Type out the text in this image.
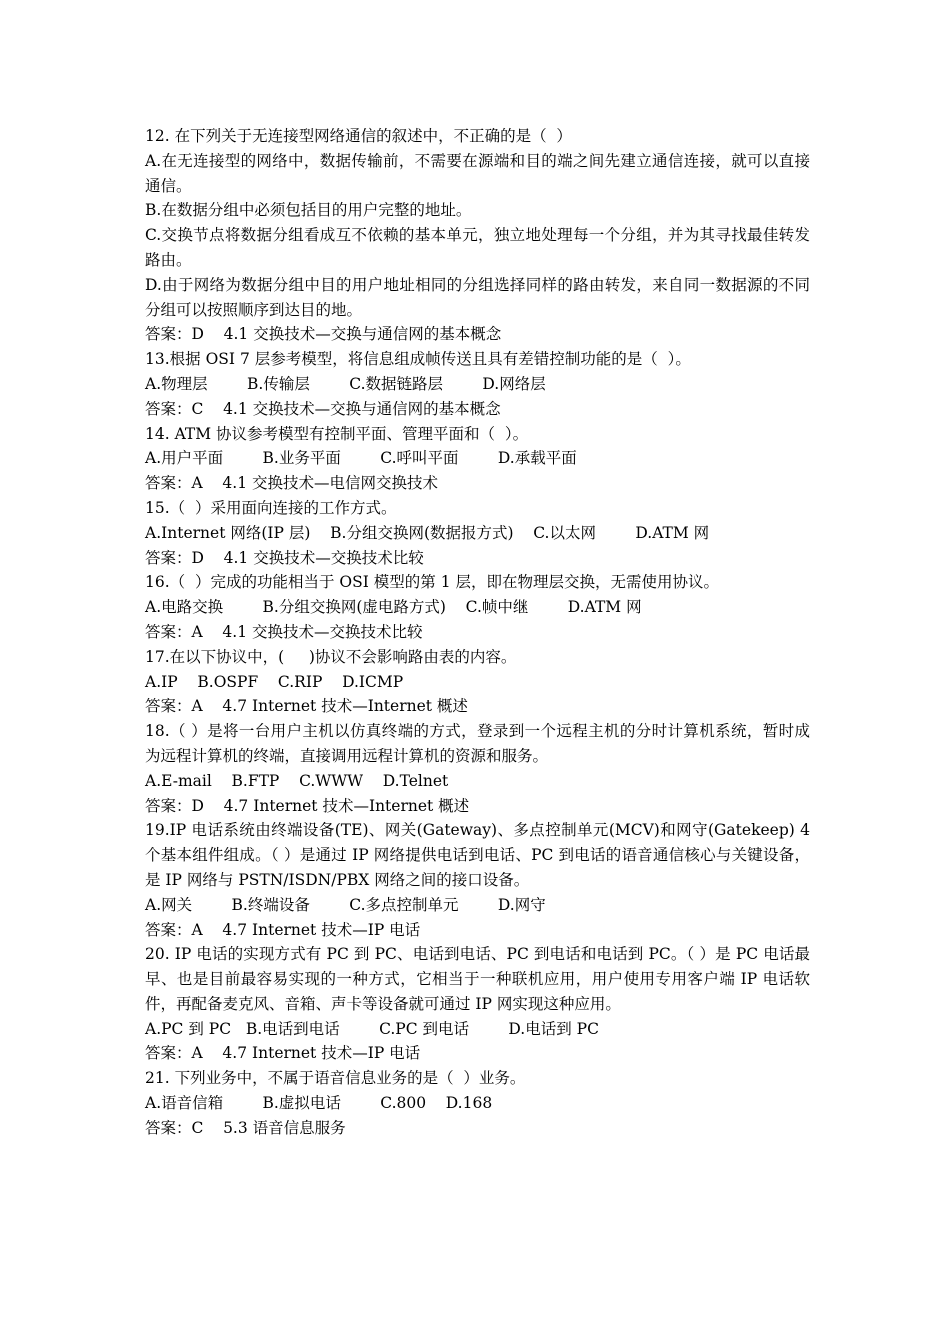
12. 在下列关于无连接型网络通信的叙述中，不正确的是（  ）
A.在无连接型的网络中，数据传输前，不需要在源端和目的端之间先建立通信连接，就可以直接通信。
B.在数据分组中必须包括目的用户完整的地址。
C.交换节点将数据分组看成互不依赖的基本单元，独立地处理每一个分组，并为其寻找最佳转发路由。
D.由于网络为数据分组中目的用户地址相同的分组选择同样的路由转发，来自同一数据源的不同分组可以按照顺序到达目的地。
答案：D    4.1 交换技术—交换与通信网的基本概念
13.根据 OSI 7 层参考模型，将信息组成帧传送且具有差错控制功能的是（  ）。
A.物理层        B.传输层        C.数据链路层        D.网络层
答案：C    4.1 交换技术—交换与通信网的基本概念
14. ATM 协议参考模型有控制平面、管理平面和（  ）。
A.用户平面        B.业务平面        C.呼叫平面        D.承载平面
答案：A    4.1 交换技术—电信网交换技术
15.（  ）采用面向连接的工作方式。
A.Internet 网络(IP 层)    B.分组交换网(数据报方式)    C.以太网        D.ATM 网
答案：D    4.1 交换技术—交换技术比较
16.（  ）完成的功能相当于 OSI 模型的第 1 层，即在物理层交换，无需使用协议。
A.电路交换        B.分组交换网(虚电路方式)    C.帧中继        D.ATM 网
答案：A    4.1 交换技术—交换技术比较
17.在以下协议中，(     )协议不会影响路由表的内容。
A.IP    B.OSPF    C.RIP    D.ICMP
答案：A    4.7 Internet 技术—Internet 概述
18.（ ）是将一台用户主机以仿真终端的方式，登录到一个远程主机的分时计算机系统，暂时成为远程计算机的终端，直接调用远程计算机的资源和服务。
A.E-mail    B.FTP    C.WWW    D.Telnet
答案：D    4.7 Internet 技术—Internet 概述
19.IP 电话系统由终端设备(TE)、网关(Gateway)、多点控制单元(MCV)和网守(Gatekeep) 4 个基本组件组成。（ ）是通过 IP 网络提供电话到电话、PC 到电话的语音通信核心与关键设备，是 IP 网络与 PSTN/ISDN/PBX 网络之间的接口设备。
A.网关        B.终端设备        C.多点控制单元        D.网守
答案：A    4.7 Internet 技术—IP 电话
20. IP 电话的实现方式有 PC 到 PC、电话到电话、PC 到电话和电话到 PC。（ ）是 PC 电话最早、也是目前最容易实现的一种方式，它相当于一种联机应用，用户使用专用客户端 IP 电话软件，再配备麦克风、音箱、声卡等设备就可通过 IP 网实现这种应用。
A.PC 到 PC   B.电话到电话        C.PC 到电话        D.电话到 PC
答案：A    4.7 Internet 技术—IP 电话
21. 下列业务中，不属于语音信息业务的是（  ）业务。
A.语音信箱        B.虚拟电话        C.800    D.168
答案：C    5.3 语音信息服务
